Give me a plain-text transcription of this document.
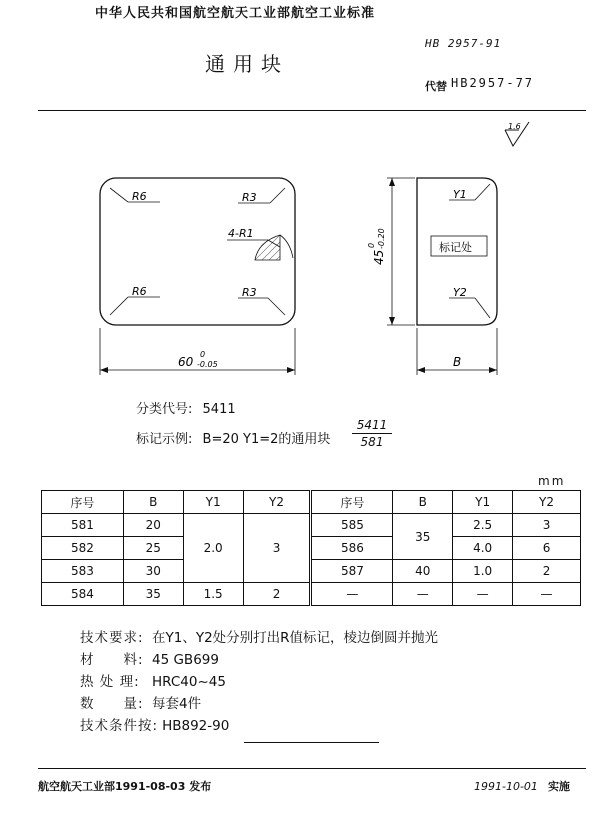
中华人民共和国航空航天工业部航空工业标准
HB 2957-91
通用块
代替 HB2957-77
1.6
R6	R3
R6	R3
4-R1
60
0
-0.05
Y1
Y2
标记处
45
0 -0.20
B
分类代号: 5411
标记示例: B=20 Y1=2的通用块 $\frac{5411}{581}$
mm
序号	B	Y1	Y2	序号	B	Y1	Y2
581	20	2.0	3	585	35	2.5	3
582	25			586		4.0	6
583	30			587	40	1.0	2
584	35	1.5	2	—	—	—	—
技术要求: 在Y1、Y2处分别打出R值标记，棱边倒圆并抛光
材　　料: 45 GB699
热 处 理: HRC40~45
数　　量: 每套4件
技术条件按: HB892-90
航空航天工业部1991-08-03 发布	1991-10-01 实施
